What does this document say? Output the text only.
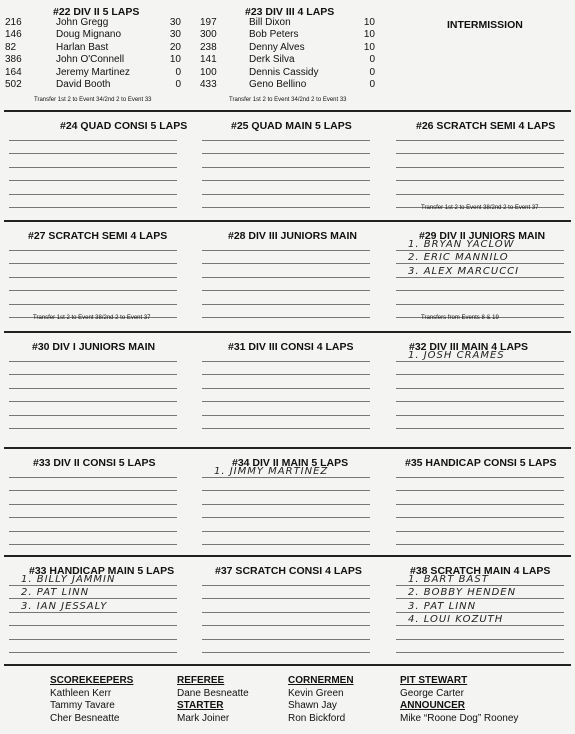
#22 DIV II 5 LAPS	#23 DIV III 4 LAPS
INTERMISSION
216	John Gregg	30
146	Doug Mignano	30
82	Harlan Bast	20
386	John O'Connell	10
164	Jeremy Martinez	0
502	David Booth	0
197	Bill Dixon	10
300	Bob Peters	10
238	Denny Alves	10
141	Derk Silva	0
100	Dennis Cassidy	0
433	Geno Bellino	0
Transfer 1st 2 to Event 34/2nd 2 to Event 33	Transfer 1st 2 to Event 34/2nd 2 to Event 33
#24 QUAD CONSI 5 LAPS	#25 QUAD MAIN 5 LAPS	#26 SCRATCH SEMI 4 LAPS
Transfer 1st 2 to Event 38/2nd 2 to Event 37
#27 SCRATCH SEMI 4 LAPS
Transfer 1st 2 to Event 38/2nd 2 to Event 37
#28 DIV III JUNIORS MAIN	#29 DIV II JUNIORS MAIN
1. BRYAN YACLOW
2. ERIC MANNILO
3. ALEX MARCUCCI
Transfers from Events 8 & 19
#30 DIV I JUNIORS MAIN	#31 DIV III CONSI 4 LAPS	#32 DIV III MAIN 4 LAPS
1. JOSH CRAMES
#33 DIV II CONSI 5 LAPS	#34 DIV II MAIN 5 LAPS
1. JIMMY MARTINEZ
#35 HANDICAP CONSI 5 LAPS
#33 HANDICAP MAIN 5 LAPS
1. BILLY JAMMIN
2. PAT LINN
3. IAN JESSALY
#37 SCRATCH CONSI 4 LAPS	#38 SCRATCH MAIN 4 LAPS
1. BART BAST
2. BOBBY HENDEN
3. PAT LINN
4. LOUI KOZUTH
SCOREKEEPERS
Kathleen Kerr
Tammy Tavare
Cher Besneatte
REFEREE
Dane Besneatte
STARTER
Mark Joiner
CORNERMEN
Kevin Green
Shawn Jay
Ron Bickford
PIT STEWART
George Carter
ANNOUNCER
Mike “Roone Dog” Rooney
